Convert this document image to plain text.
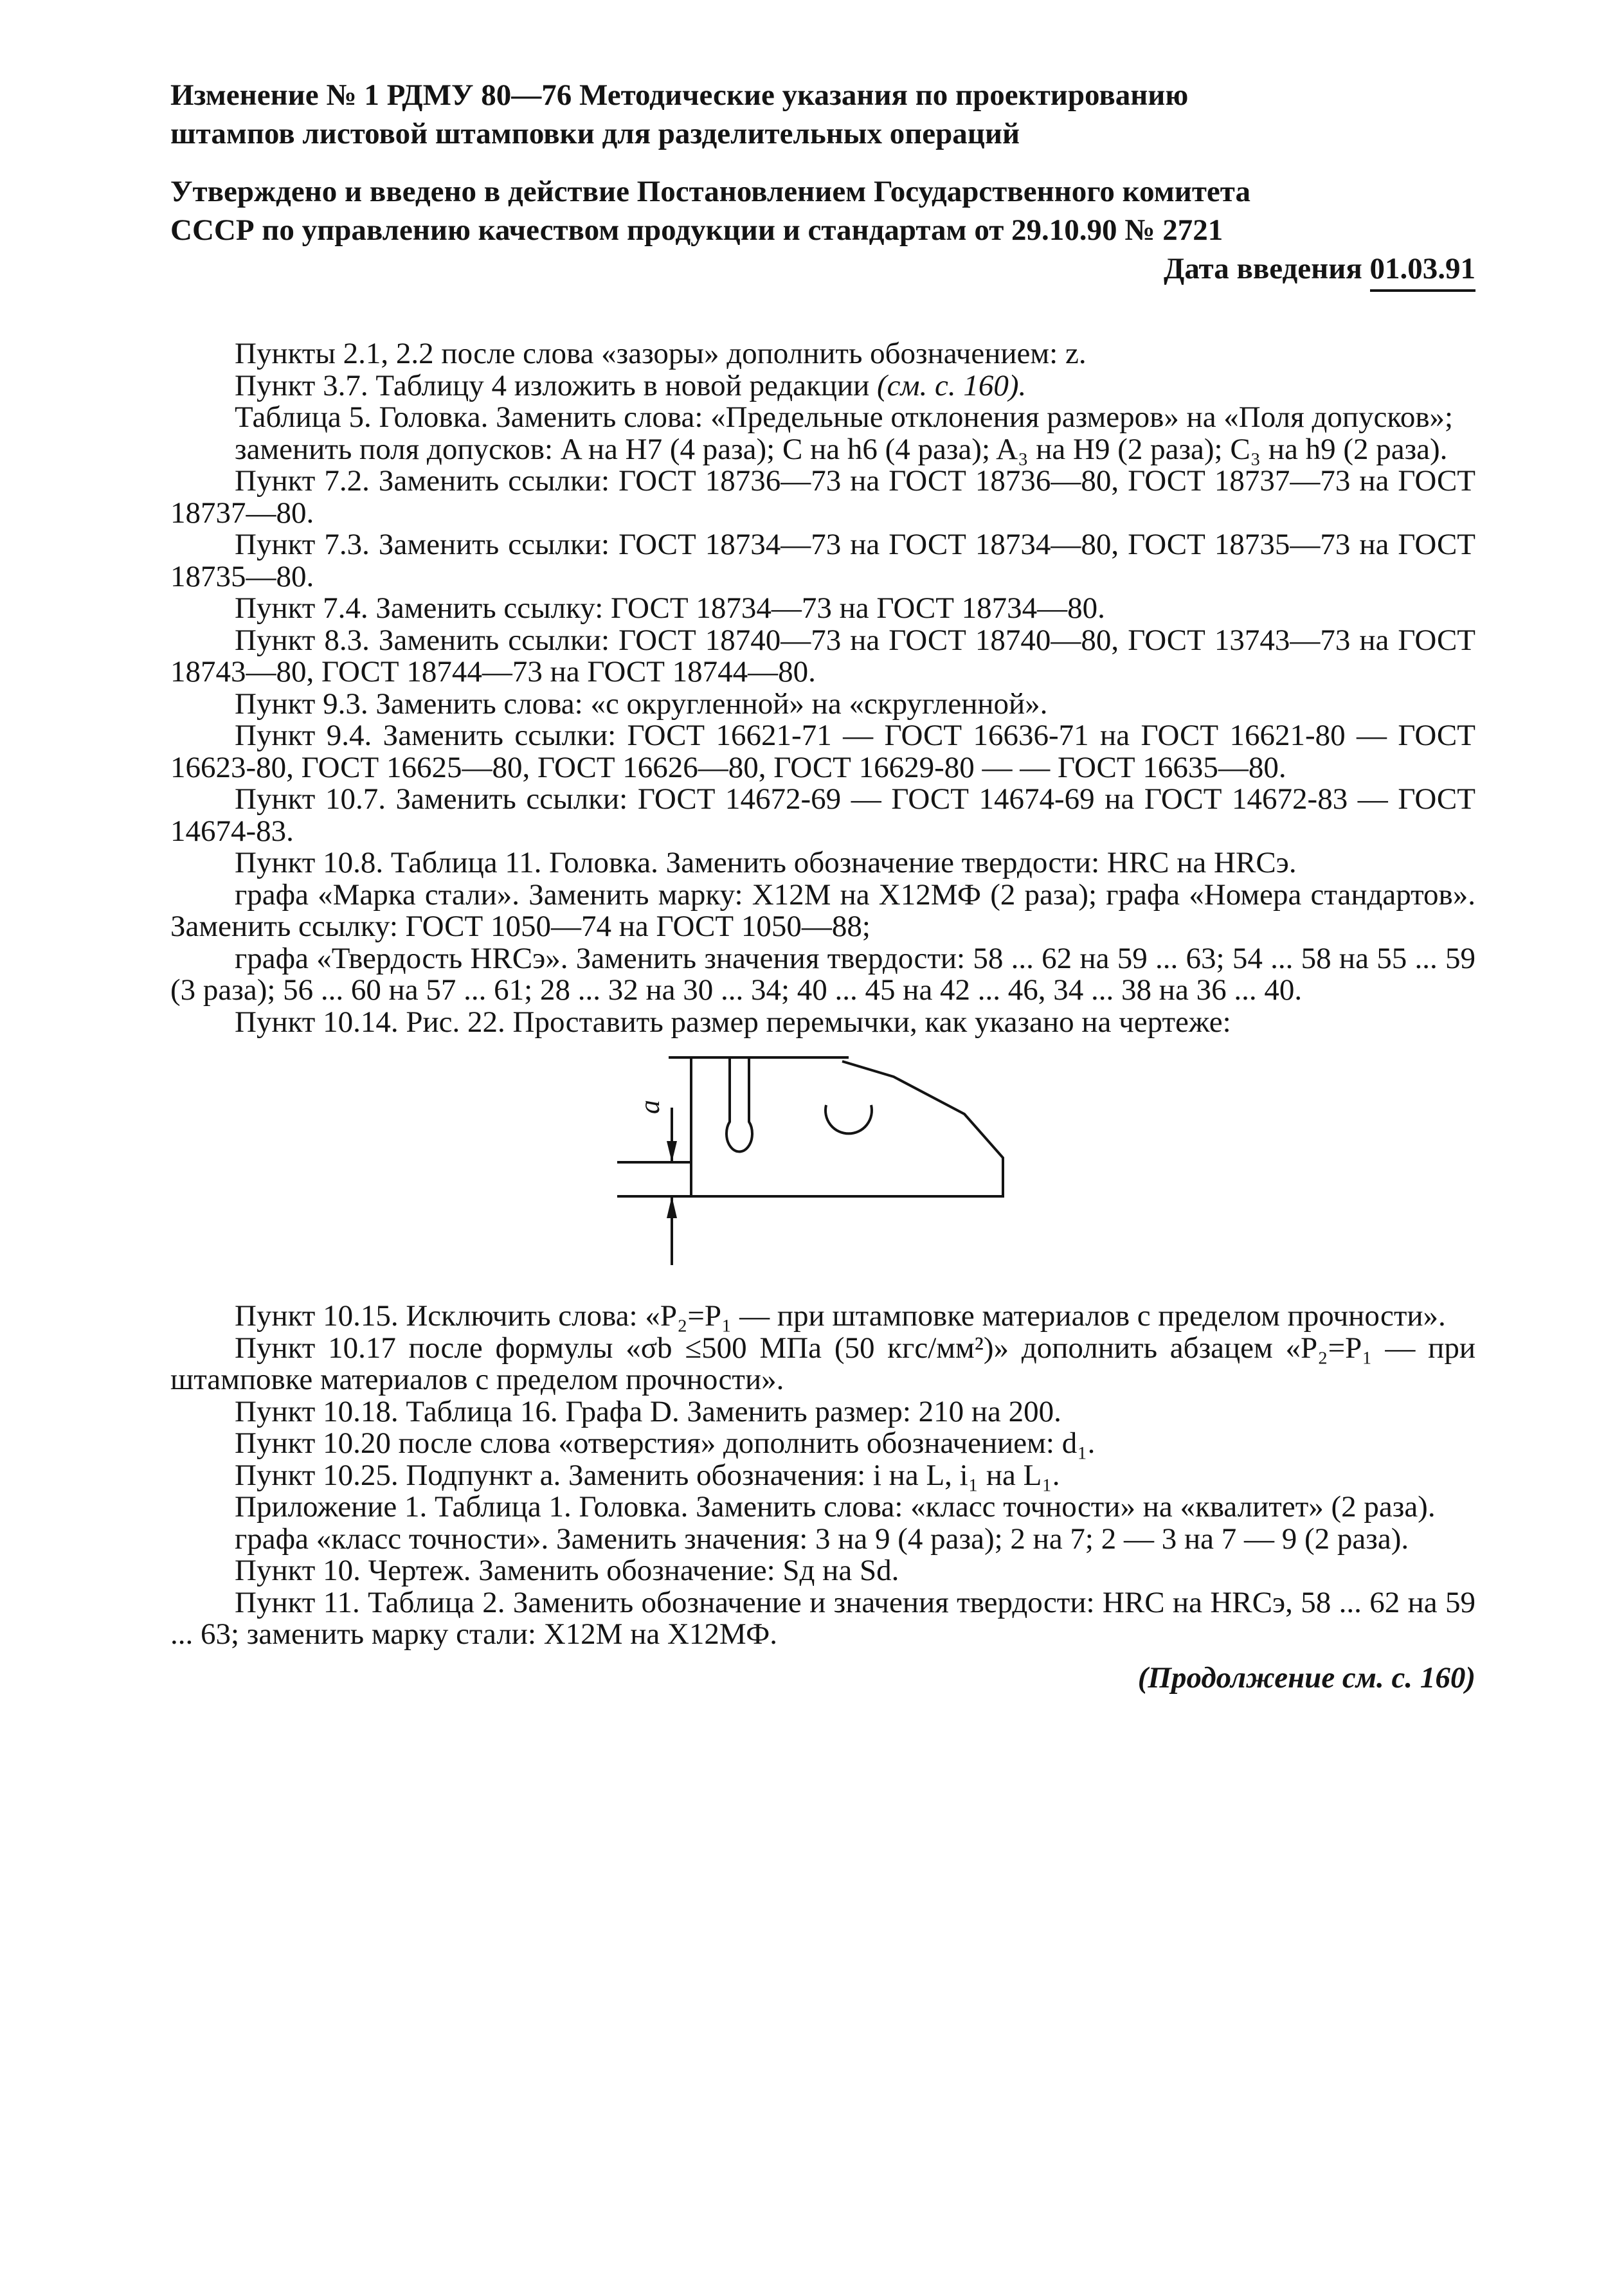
Изменение № 1 РДМУ 80—76 Методические указания по проектированию

штампов листовой штамповки для разделительных операций

Утверждено и введено в действие Постановлением Государственного комитета

СССР по управлению качеством продукции и стандартам от 29.10.90 № 2721

Дата введения 01.03.91

Пункты 2.1, 2.2 после слова «зазоры» дополнить обозначением: z.

Пункт 3.7. Таблицу 4 изложить в новой редакции (см. с. 160).

Таблица 5. Головка. Заменить слова: «Предельные отклонения размеров» на «Поля допусков»;

заменить поля допусков: A на H7 (4 раза); C на h6 (4 раза); A₃ на H9 (2 раза); C₃ на h9 (2 раза).

Пункт 7.2. Заменить ссылки: ГОСТ 18736—73 на ГОСТ 18736—80, ГОСТ 18737—73 на ГОСТ 18737—80.

Пункт 7.3. Заменить ссылки: ГОСТ 18734—73 на ГОСТ 18734—80, ГОСТ 18735—73 на ГОСТ 18735—80.

Пункт 7.4. Заменить ссылку: ГОСТ 18734—73 на ГОСТ 18734—80.

Пункт 8.3. Заменить ссылки: ГОСТ 18740—73 на ГОСТ 18740—80, ГОСТ 13743—73 на ГОСТ 18743—80, ГОСТ 18744—73 на ГОСТ 18744—80.

Пункт 9.3. Заменить слова: «с округленной» на «скругленной».

Пункт 9.4. Заменить ссылки: ГОСТ 16621-71 — ГОСТ 16636-71 на ГОСТ 16621-80 — ГОСТ 16623-80, ГОСТ 16625—80, ГОСТ 16626—80, ГОСТ 16629-80 — — ГОСТ 16635—80.

Пункт 10.7. Заменить ссылки: ГОСТ 14672-69 — ГОСТ 14674-69 на ГОСТ 14672-83 — ГОСТ 14674-83.

Пункт 10.8. Таблица 11. Головка. Заменить обозначение твердости: HRC на HRCэ.

графа «Марка стали». Заменить марку: Х12М на Х12МФ (2 раза); графа «Номера стандартов». Заменить ссылку: ГОСТ 1050—74 на ГОСТ 1050—88;

графа «Твердость HRCэ». Заменить значения твердости: 58 ... 62 на 59 ... 63; 54 ... 58 на 55 ... 59 (3 раза); 56 ... 60 на 57 ... 61; 28 ... 32 на 30 ... 34; 40 ... 45 на 42 ... 46, 34 ... 38 на 36 ... 40.

Пункт 10.14. Рис. 22. Проставить размер перемычки, как указано на чертеже:

a

Пункт 10.15. Исключить слова: «P₂=P₁ — при штамповке материалов с пределом прочности».

Пункт 10.17 после формулы «σb ≤500 МПа (50 кгс/мм²)» дополнить абзацем «P₂=P₁ — при штамповке материалов с пределом прочности».

Пункт 10.18. Таблица 16. Графа D. Заменить размер: 210 на 200.

Пункт 10.20 после слова «отверстия» дополнить обозначением: d₁.

Пункт 10.25. Подпункт a. Заменить обозначения: i на L, i₁ на L₁.

Приложение 1. Таблица 1. Головка. Заменить слова: «класс точности» на «квалитет» (2 раза).

графа «класс точности». Заменить значения: 3 на 9 (4 раза); 2 на 7; 2 — 3 на 7 — 9 (2 раза).

Пункт 10. Чертеж. Заменить обозначение: Sд на Sd.

Пункт 11. Таблица 2. Заменить обозначение и значения твердости: HRC на HRCэ, 58 ... 62 на 59 ... 63; заменить марку стали: Х12М на Х12МФ.

(Продолжение см. с. 160)
